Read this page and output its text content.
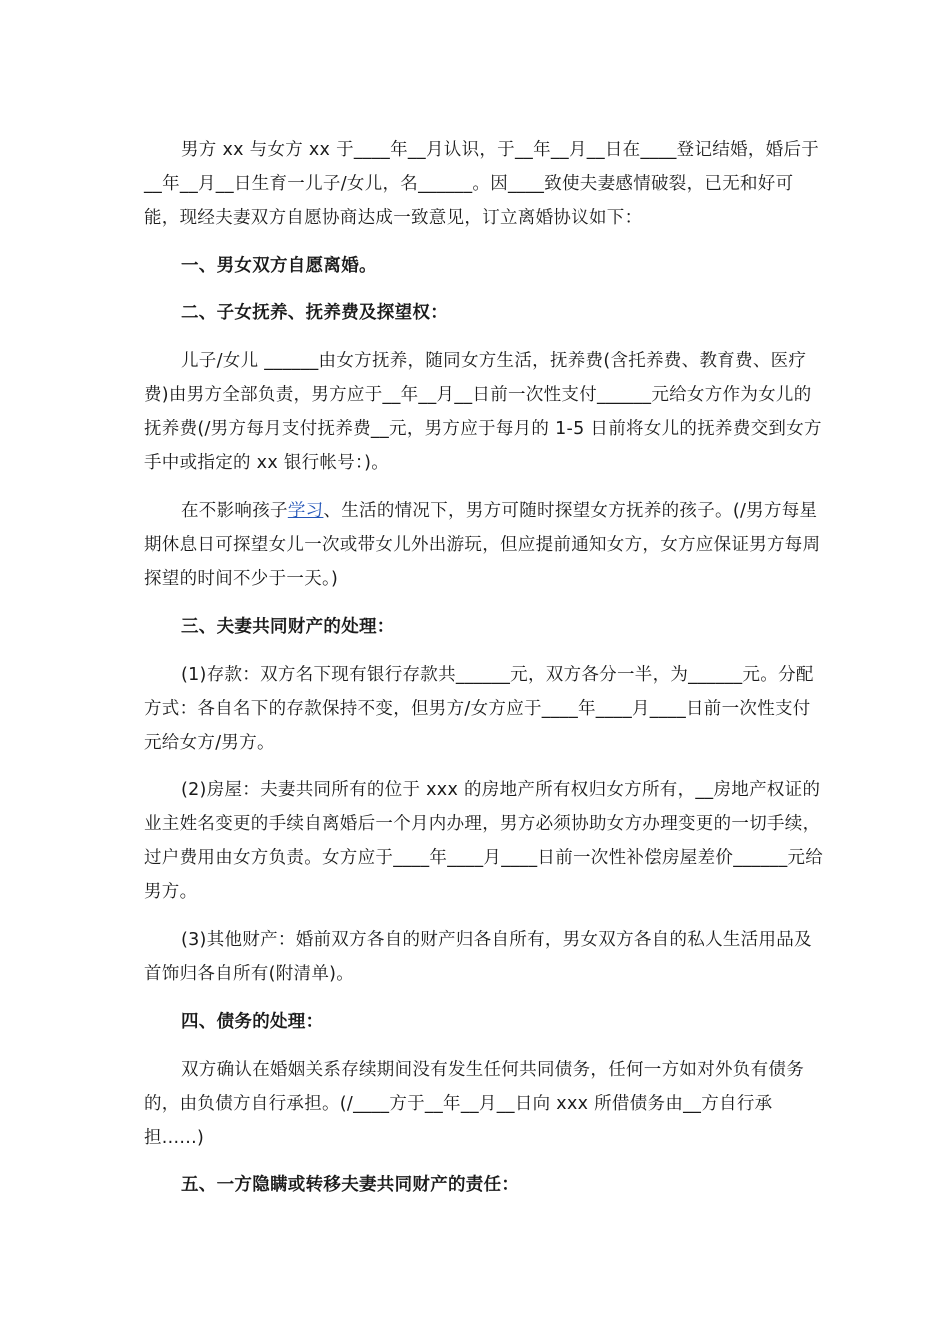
男方 xx 与女方 xx 于____年__月认识，于__年__月__日在____登记结婚，婚后于__年__月__日生育一儿子/女儿，名______。因____致使夫妻感情破裂，已无和好可能，现经夫妻双方自愿协商达成一致意见，订立离婚协议如下：

一、男女双方自愿离婚。

二、子女抚养、抚养费及探望权：

儿子/女儿 ______由女方抚养，随同女方生活，抚养费(含托养费、教育费、医疗费)由男方全部负责，男方应于__年__月__日前一次性支付______元给女方作为女儿的抚养费(/男方每月支付抚养费__元，男方应于每月的 1-5 日前将女儿的抚养费交到女方手中或指定的 xx 银行帐号：)。

在不影响孩子学习、生活的情况下，男方可随时探望女方抚养的孩子。(/男方每星期休息日可探望女儿一次或带女儿外出游玩，但应提前通知女方，女方应保证男方每周探望的时间不少于一天。)

三、夫妻共同财产的处理：

(1)存款：双方名下现有银行存款共______元，双方各分一半，为______元。分配方式：各自名下的存款保持不变，但男方/女方应于____年____月____日前一次性支付 元给女方/男方。

(2)房屋：夫妻共同所有的位于 xxx 的房地产所有权归女方所有，__房地产权证的业主姓名变更的手续自离婚后一个月内办理，男方必须协助女方办理变更的一切手续，过户费用由女方负责。女方应于____年____月____日前一次性补偿房屋差价______元给男方。

(3)其他财产：婚前双方各自的财产归各自所有，男女双方各自的私人生活用品及首饰归各自所有(附清单)。

四、债务的处理：

双方确认在婚姻关系存续期间没有发生任何共同债务，任何一方如对外负有债务的，由负债方自行承担。(/____方于__年__月__日向 xxx 所借债务由__方自行承担......)

五、一方隐瞒或转移夫妻共同财产的责任：
